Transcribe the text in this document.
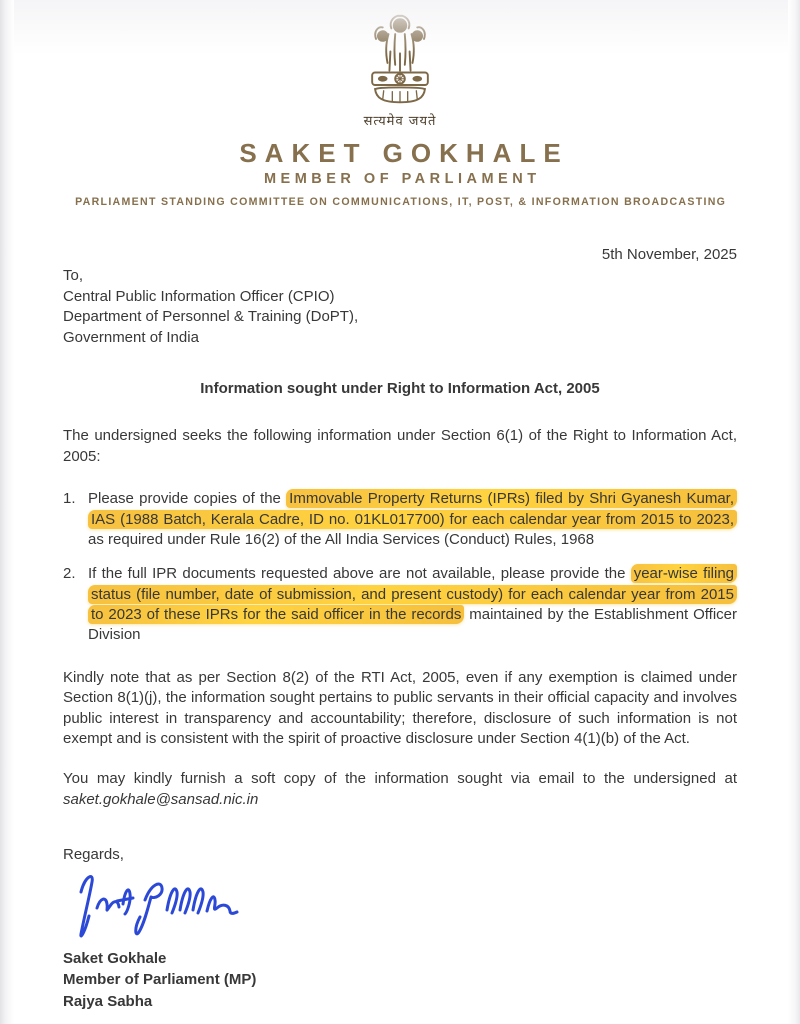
सत्यमेव जयते
SAKET GOKHALE
MEMBER OF PARLIAMENT
PARLIAMENT STANDING COMMITTEE ON COMMUNICATIONS, IT, POST, & INFORMATION BROADCASTING
5th November, 2025
To,
Central Public Information Officer (CPIO)
Department of Personnel & Training (DoPT),
Government of India
Information sought under Right to Information Act, 2005
The undersigned seeks the following information under Section 6(1) of the Right to Information Act, 2005:
1. Please provide copies of the Immovable Property Returns (IPRs) filed by Shri Gyanesh Kumar, IAS (1988 Batch, Kerala Cadre, ID no. 01KL017700) for each calendar year from 2015 to 2023, as required under Rule 16(2) of the All India Services (Conduct) Rules, 1968
2. If the full IPR documents requested above are not available, please provide the year-wise filing status (file number, date of submission, and present custody) for each calendar year from 2015 to 2023 of these IPRs for the said officer in the records maintained by the Establishment Officer Division
Kindly note that as per Section 8(2) of the RTI Act, 2005, even if any exemption is claimed under Section 8(1)(j), the information sought pertains to public servants in their official capacity and involves public interest in transparency and accountability; therefore, disclosure of such information is not exempt and is consistent with the spirit of proactive disclosure under Section 4(1)(b) of the Act.
You may kindly furnish a soft copy of the information sought via email to the undersigned at saket.gokhale@sansad.nic.in
Regards,
Saket Gokhale
Member of Parliament (MP)
Rajya Sabha
